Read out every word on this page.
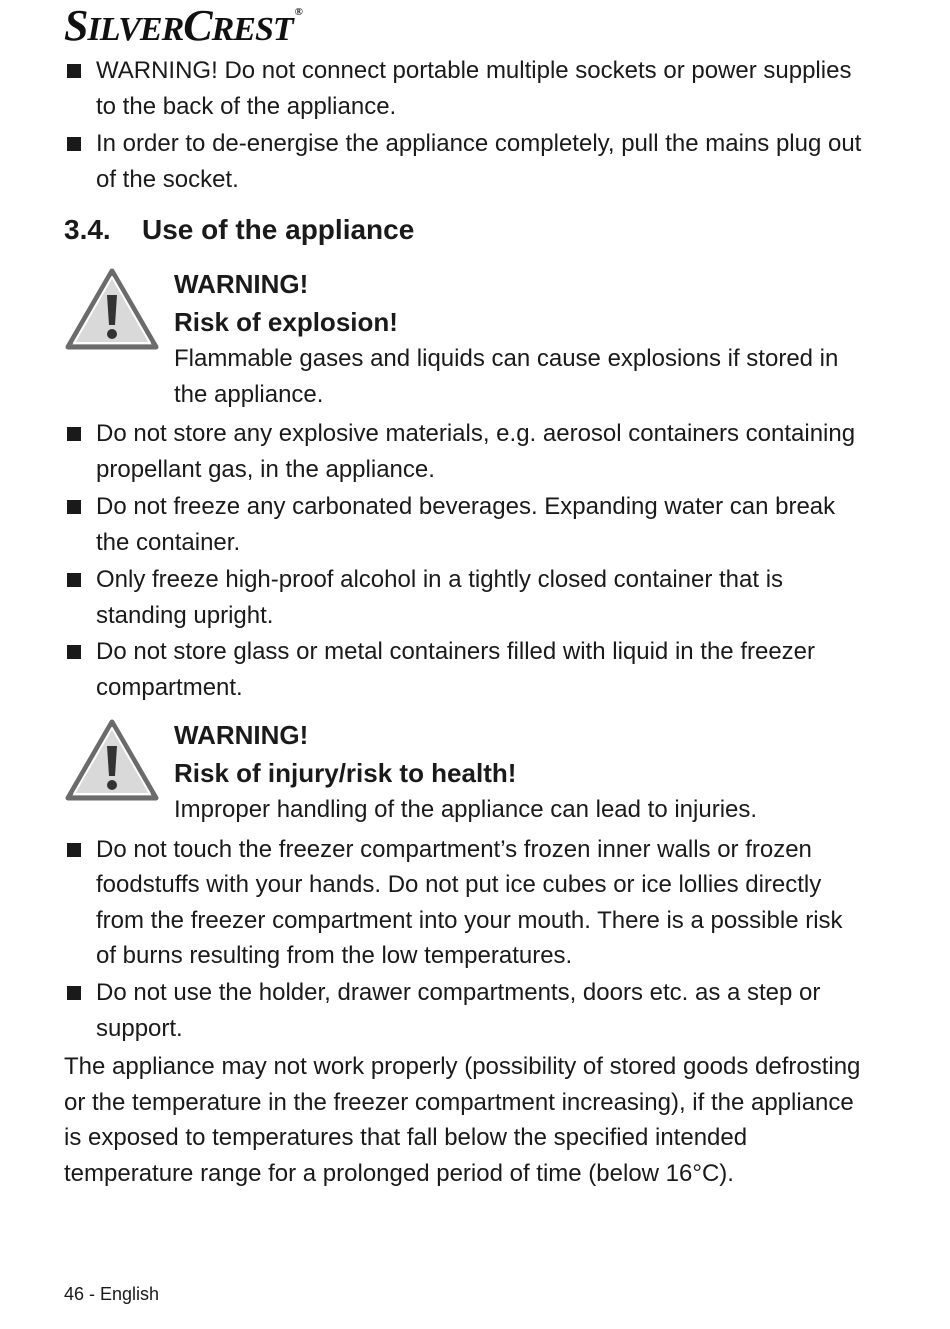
SILVERCREST ®
WARNING! Do not connect portable multiple sockets or power supplies to the back of the appliance.
In order to de-energise the appliance completely, pull the mains plug out of the socket.
3.4. Use of the appliance
WARNING!
Risk of explosion!
Flammable gases and liquids can cause explosions if stored in the appliance.
Do not store any explosive materials, e.g. aerosol containers containing propellant gas, in the appliance.
Do not freeze any carbonated beverages. Expanding water can break the container.
Only freeze high-proof alcohol in a tightly closed container that is standing upright.
Do not store glass or metal containers filled with liquid in the freezer compartment.
WARNING!
Risk of injury/risk to health!
Improper handling of the appliance can lead to injuries.
Do not touch the freezer compartment’s frozen inner walls or frozen foodstuffs with your hands. Do not put ice cubes or ice lollies directly from the freezer compartment into your mouth. There is a possible risk of burns resulting from the low temperatures.
Do not use the holder, drawer compartments, doors etc. as a step or support.
The appliance may not work properly (possibility of stored goods defrosting or the temperature in the freezer compartment increasing), if the appliance is exposed to temperatures that fall below the specified intended temperature range for a prolonged period of time (below 16°C).
46 - English
